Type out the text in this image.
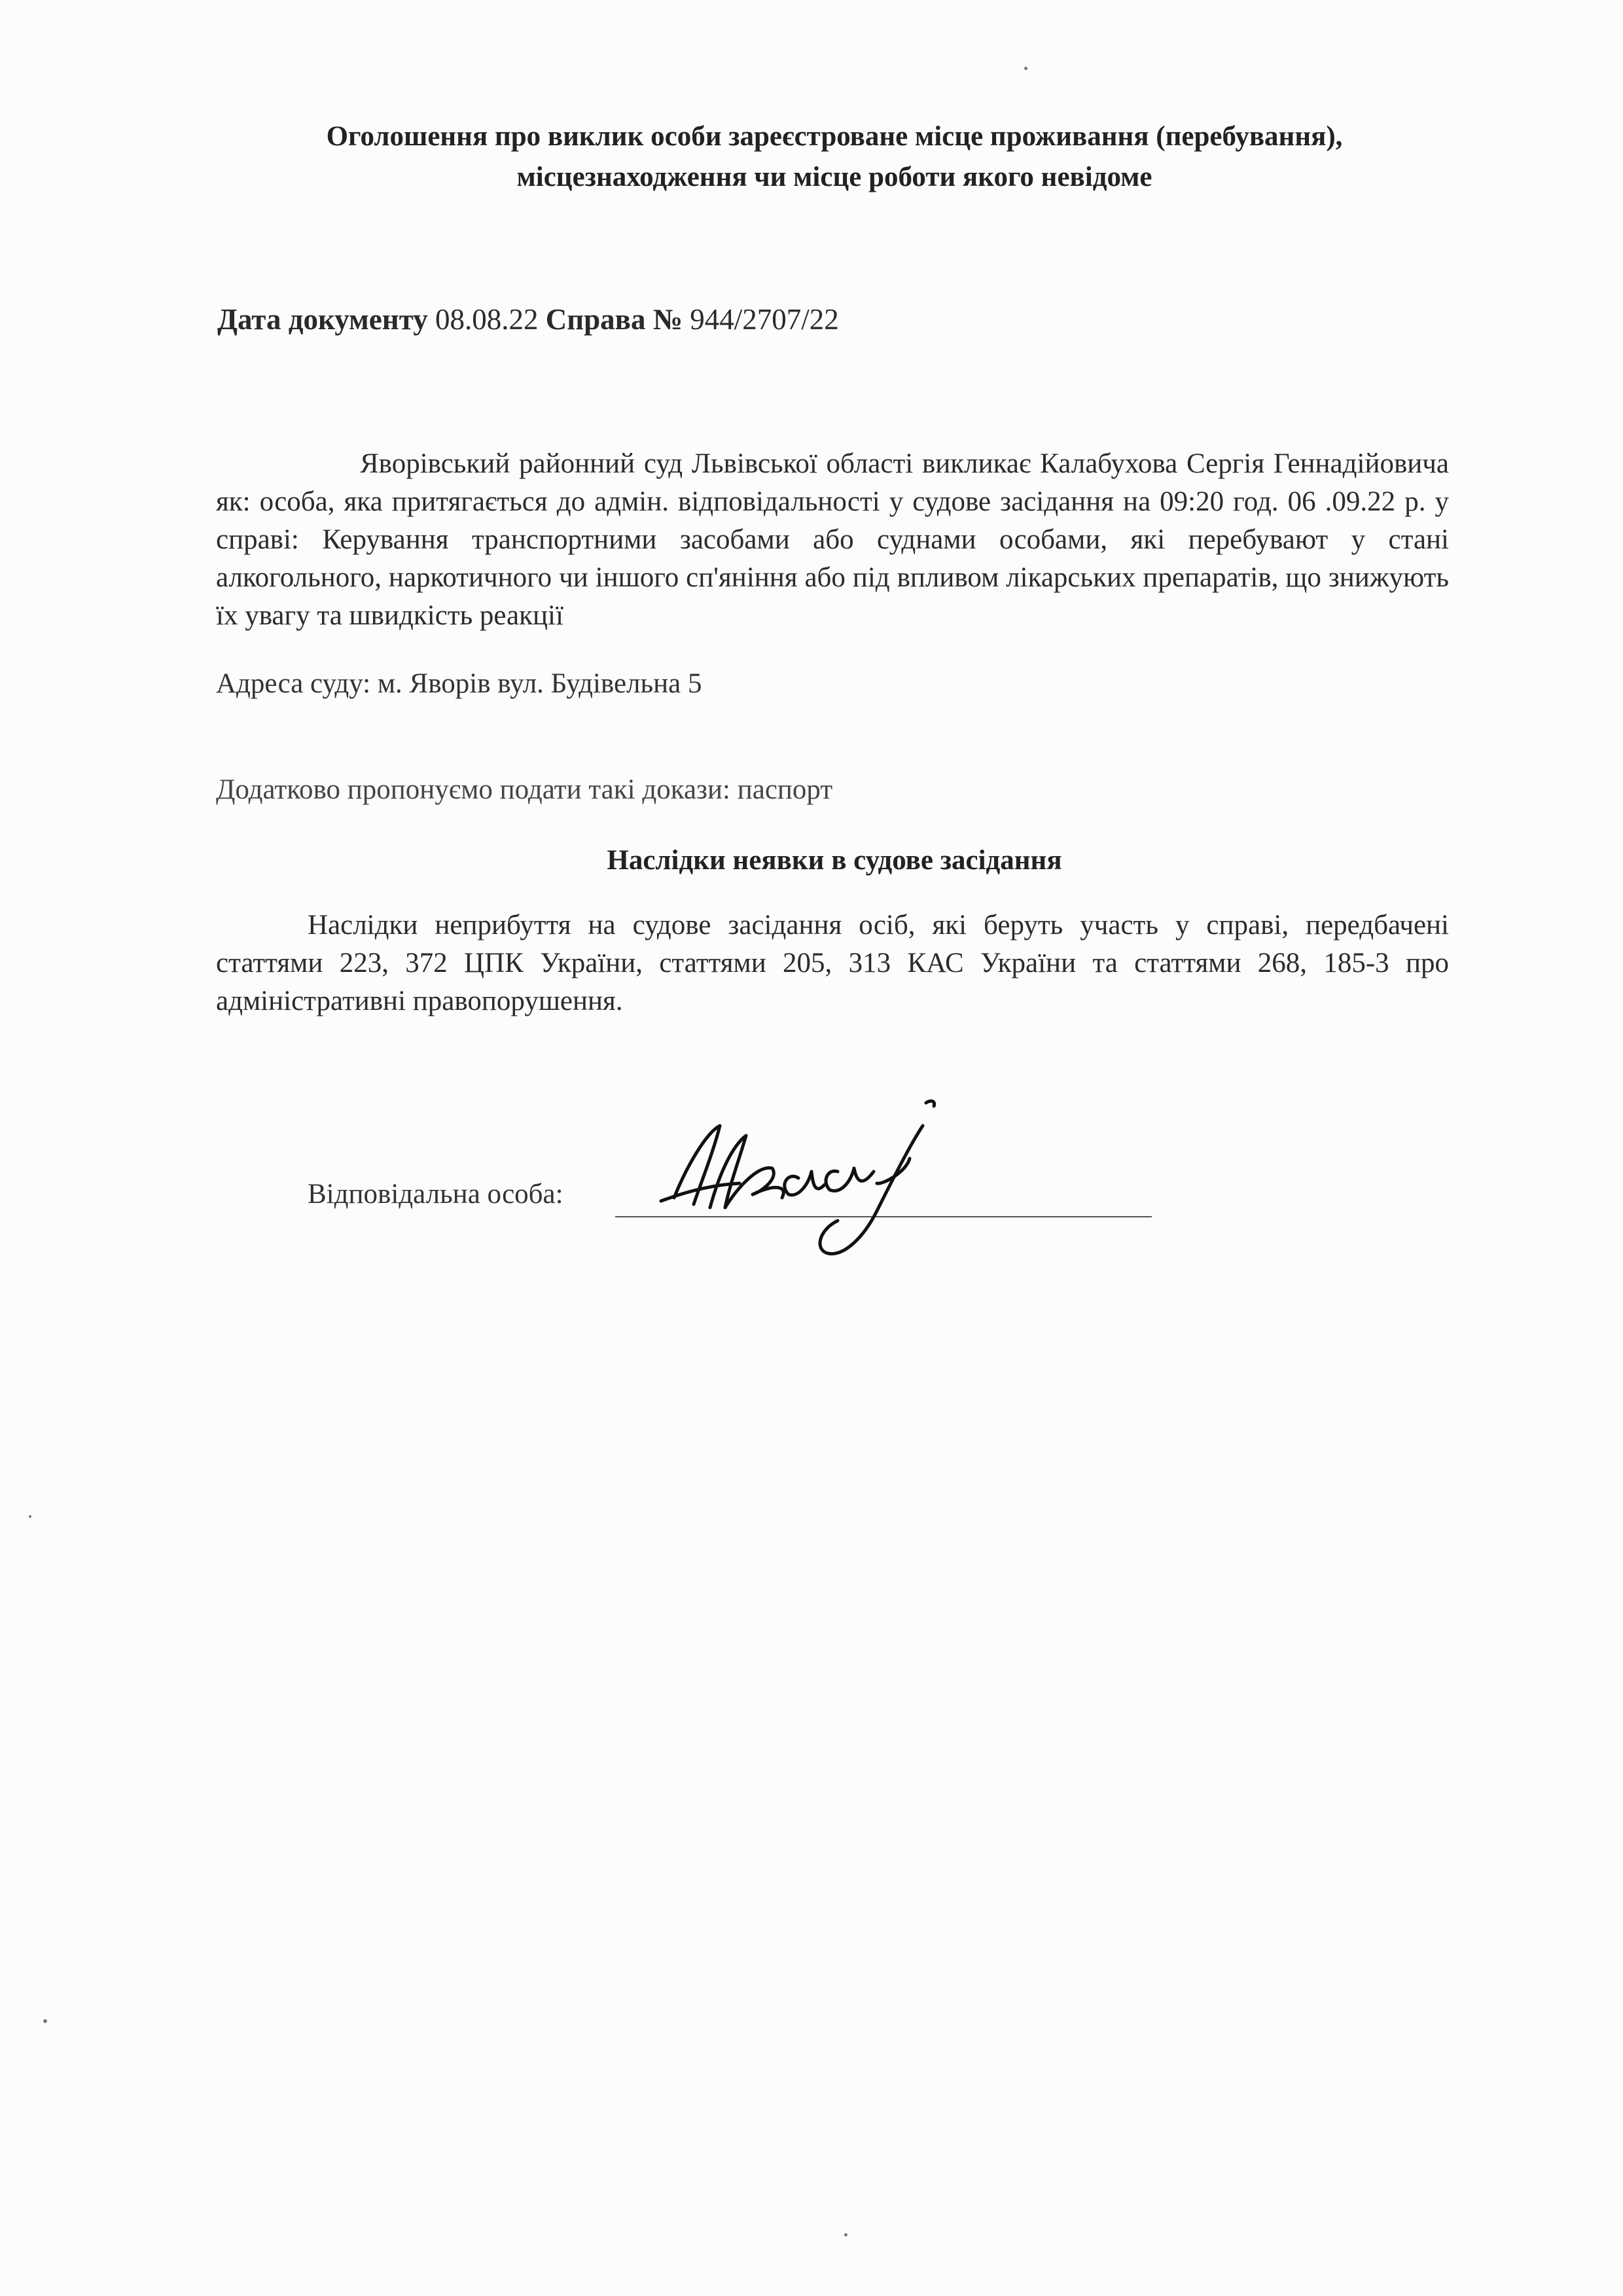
Оголошення про виклик особи зареєстроване місце проживання (перебування),
місцезнаходження чи місце роботи якого невідоме
Дата документу 08.08.22 Справа № 944/2707/22

Яворівський районний суд Львівської області викликає Калабухова Сергія Геннадійовича як: особа, яка притягається до адмін. відповідальності у судове засідання на 09:20 год. 06 .09.22 р. у справі: Керування транспортними засобами або суднами особами, які перебувают у стані алкогольного, наркотичного чи іншого сп'яніння або під впливом лікарських препаратів, що знижують їх увагу та швидкість реакції

Адреса суду: м. Яворів вул. Будівельна 5
Додатково пропонуємо подати такі докази: паспорт
Наслідки неявки в судове засідання

Наслідки неприбуття на судове засідання осіб, які беруть участь у справі, передбачені статтями 223, 372 ЦПК України, статтями 205, 313 КАС України та статтями 268, 185-3 про адміністративні правопорушення.

Відповідальна особа:
